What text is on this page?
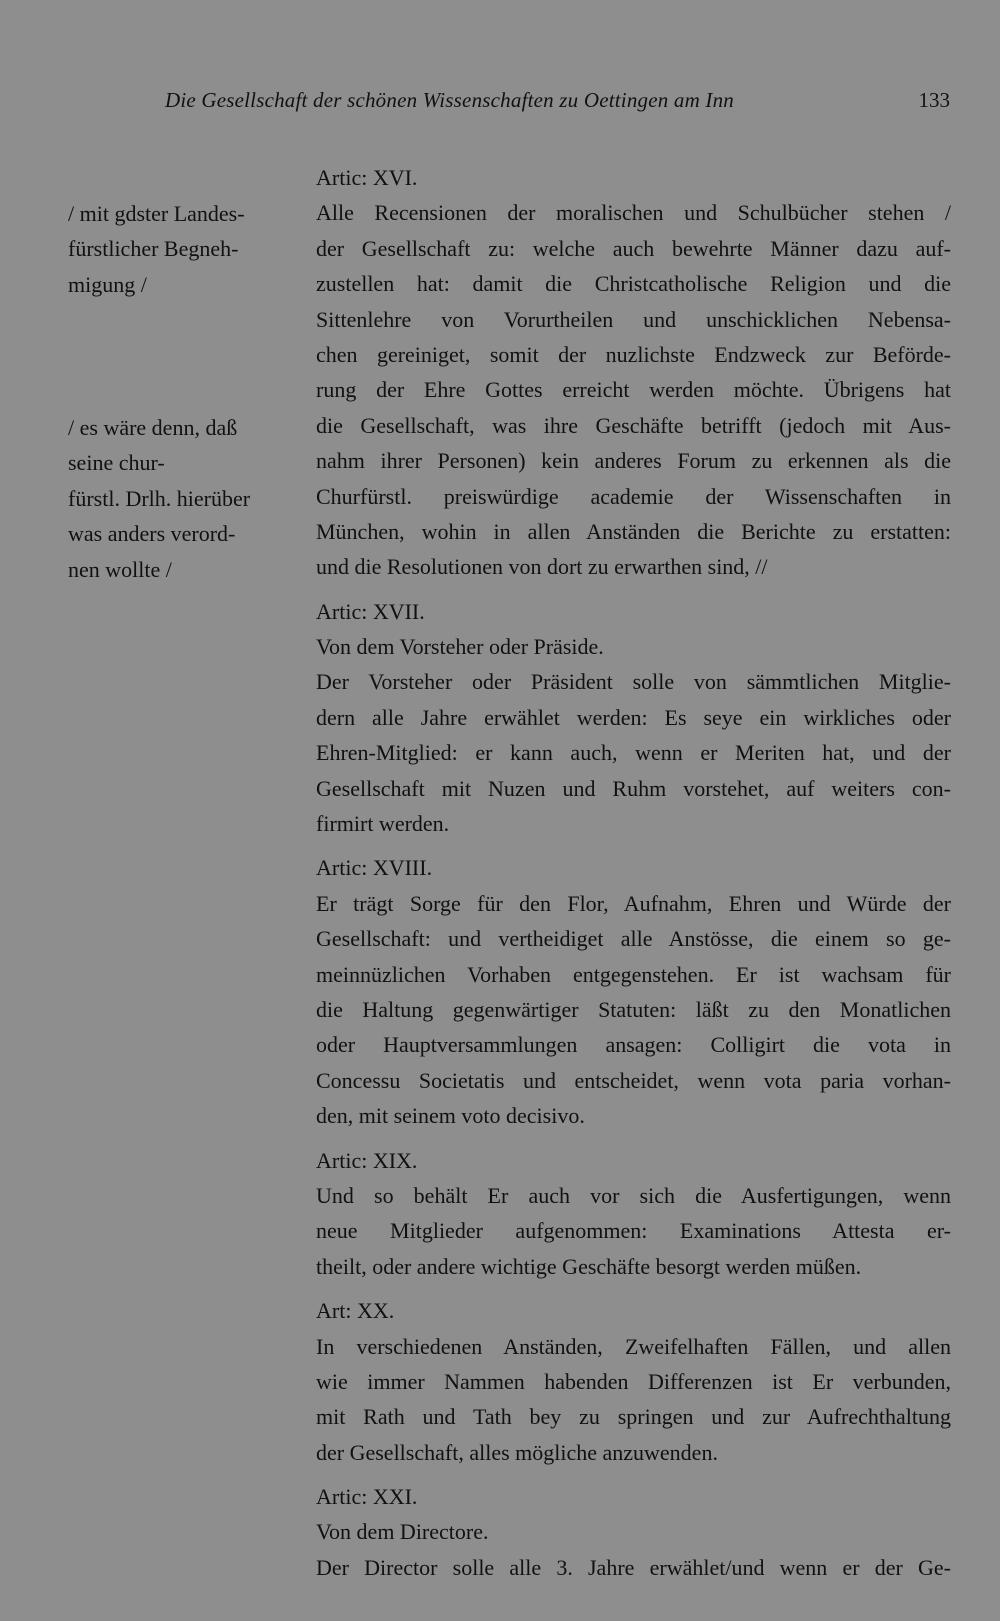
Die Gesellschaft der schönen Wissenschaften zu Oettingen am Inn	133
/ mit gdster Landes-
fürstlicher Begneh-
migung /
/ es wäre denn, daß
seine chur-
fürstl. Drlh. hierüber
was anders verord-
nen wollte /
Artic: XVI.
Alle Recensionen der moralischen und Schulbücher stehen /
der Gesellschaft zu: welche auch bewehrte Männer dazu auf-
zustellen hat: damit die Christcatholische Religion und die
Sittenlehre von Vorurtheilen und unschicklichen Nebensa-
chen gereiniget, somit der nuzlichste Endzweck zur Beförde-
rung der Ehre Gottes erreicht werden möchte. Übrigens hat
die Gesellschaft, was ihre Geschäfte betrifft (jedoch mit Aus-
nahm ihrer Personen) kein anderes Forum zu erkennen als die
Churfürstl. preiswürdige academie der Wissenschaften in
München, wohin in allen Anständen die Berichte zu erstatten:
und die Resolutionen von dort zu erwarthen sind, //
Artic: XVII.
Von dem Vorsteher oder Präside.
Der Vorsteher oder Präsident solle von sämmtlichen Mitglie-
dern alle Jahre erwählet werden: Es seye ein wirkliches oder
Ehren-Mitglied: er kann auch, wenn er Meriten hat, und der
Gesellschaft mit Nuzen und Ruhm vorstehet, auf weiters con-
firmirt werden.
Artic: XVIII.
Er trägt Sorge für den Flor, Aufnahm, Ehren und Würde der
Gesellschaft: und vertheidiget alle Anstösse, die einem so ge-
meinnüzlichen Vorhaben entgegenstehen. Er ist wachsam für
die Haltung gegenwärtiger Statuten: läßt zu den Monatlichen
oder Hauptversammlungen ansagen: Colligirt die vota in
Concessu Societatis und entscheidet, wenn vota paria vorhan-
den, mit seinem voto decisivo.
Artic: XIX.
Und so behält Er auch vor sich die Ausfertigungen, wenn
neue Mitglieder aufgenommen: Examinations Attesta er-
theilt, oder andere wichtige Geschäfte besorgt werden müßen.
Art: XX.
In verschiedenen Anständen, Zweifelhaften Fällen, und allen
wie immer Nammen habenden Differenzen ist Er verbunden,
mit Rath und Tath bey zu springen und zur Aufrechthaltung
der Gesellschaft, alles mögliche anzuwenden.
Artic: XXI.
Von dem Directore.
Der Director solle alle 3. Jahre erwählet/und wenn er der Ge-
